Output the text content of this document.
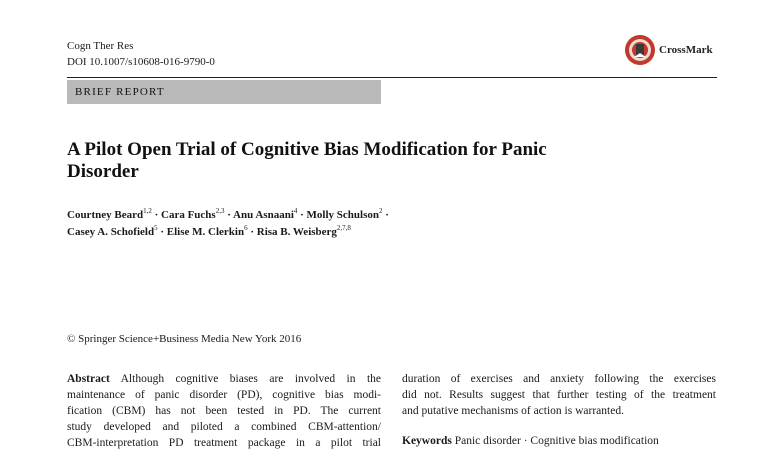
Cogn Ther Res
DOI 10.1007/s10608-016-9790-0
CrossMark
BRIEF REPORT
A Pilot Open Trial of Cognitive Bias Modification for Panic
Disorder
Courtney Beard$^{1,2}$ · Cara Fuchs$^{2,3}$ · Anu Asnaani$^4$ · Molly Schulson$^2$ ·
Casey A. Schofield$^5$ · Elise M. Clerkin$^6$ · Risa B. Weisberg$^{2,7,8}$
© Springer Science+Business Media New York 2016
Abstract Although cognitive biases are involved in the
maintenance of panic disorder (PD), cognitive bias modi-
fication (CBM) has not been tested in PD. The current
study developed and piloted a combined CBM-attention/
CBM-interpretation PD treatment package in a pilot trial
duration of exercises and anxiety following the exercises
did not. Results suggest that further testing of the treatment
and putative mechanisms of action is warranted.
Keywords Panic disorder · Cognitive bias modification
